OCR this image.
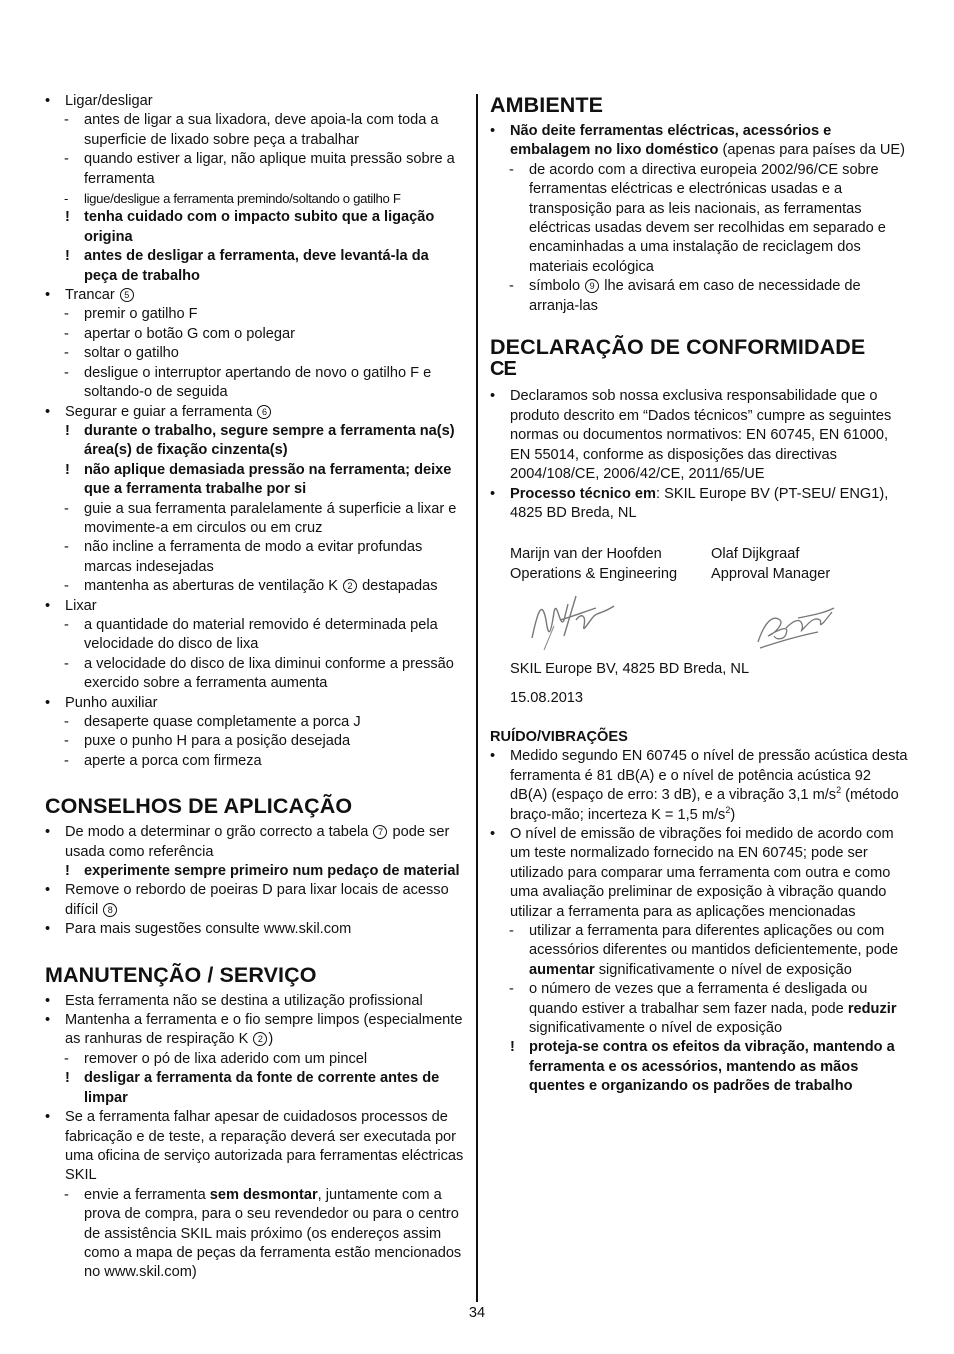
• Ligar/desligar
- antes de ligar a sua lixadora, deve apoia-la com toda a superficie de lixado sobre peça a trabalhar
- quando estiver a ligar, não aplique muita pressão sobre a ferramenta
- ligue/desligue a ferramenta premindo/soltando o gatilho F
! tenha cuidado com o impacto subito que a ligação origina
! antes de desligar a ferramenta, deve levantá-la da peça de trabalho
• Trancar 5
- premir o gatilho F
- apertar o botão G com o polegar
- soltar o gatilho
- desligue o interruptor apertando de novo o gatilho F e soltando-o de seguida
• Segurar e guiar a ferramenta 6
! durante o trabalho, segure sempre a ferramenta na(s) área(s) de fixação cinzenta(s)
! não aplique demasiada pressão na ferramenta; deixe que a ferramenta trabalhe por si
- guie a sua ferramenta paralelamente á superficie a lixar e movimente-a em circulos ou em cruz
- não incline a ferramenta de modo a evitar profundas marcas indesejadas
- mantenha as aberturas de ventilação K 2 destapadas
• Lixar
- a quantidade do material removido é determinada pela velocidade do disco de lixa
- a velocidade do disco de lixa diminui conforme a pressão exercido sobre a ferramenta aumenta
• Punho auxiliar
- desaperte quase completamente a porca J
- puxe o punho H para a posição desejada
- aperte a porca com firmeza
CONSELHOS DE APLICAÇÃO
• De modo a determinar o grão correcto a tabela 7 pode ser usada como referência
! experimente sempre primeiro num pedaço de material
• Remove o rebordo de poeiras D para lixar locais de acesso difícil 8
• Para mais sugestões consulte www.skil.com
MANUTENÇÃO / SERVIÇO
• Esta ferramenta não se destina a utilização profissional
• Mantenha a ferramenta e o fio sempre limpos (especialmente as ranhuras de respiração K 2 )
- remover o pó de lixa aderido com um pincel
! desligar a ferramenta da fonte de corrente antes de limpar
• Se a ferramenta falhar apesar de cuidadosos processos de fabricação e de teste, a reparação deverá ser executada por uma oficina de serviço autorizada para ferramentas eléctricas SKIL
- envie a ferramenta sem desmontar, juntamente com a prova de compra, para o seu revendedor ou para o centro de assistência SKIL mais próximo (os endereços assim como a mapa de peças da ferramenta estão mencionados no www.skil.com)
AMBIENTE
• Não deite ferramentas eléctricas, acessórios e embalagem no lixo doméstico (apenas para países da UE)
- de acordo com a directiva europeia 2002/96/CE sobre ferramentas eléctricas e electrónicas usadas e a transposição para as leis nacionais, as ferramentas eléctricas usadas devem ser recolhidas em separado e encaminhadas a uma instalação de reciclagem dos materiais ecológica
- símbolo 9 lhe avisará em caso de necessidade de arranja-las
DECLARAÇÃO DE CONFORMIDADE
CE
• Declaramos sob nossa exclusiva responsabilidade que o produto descrito em “Dados técnicos” cumpre as seguintes normas ou documentos normativos: EN 60745, EN 61000, EN 55014, conforme as disposições das directivas 2004/108/CE, 2006/42/CE, 2011/65/UE
• Processo técnico em: SKIL Europe BV (PT-SEU/ ENG1), 4825 BD Breda, NL
Marijn van der Hoofden
Operations & Engineering
Olaf Dijkgraaf
Approval Manager
SKIL Europe BV, 4825 BD Breda, NL
15.08.2013
RUÍDO/VIBRAÇÕES
• Medido segundo EN 60745 o nível de pressão acústica desta ferramenta é 81 dB(A) e o nível de potência acústica 92 dB(A) (espaço de erro: 3 dB), e a vibração 3,1 $m/s^2$ (método braço-mão; incerteza K = 1,5 $m/s^2$)
• O nível de emissão de vibrações foi medido de acordo com um teste normalizado fornecido na EN 60745; pode ser utilizado para comparar uma ferramenta com outra e como uma avaliação preliminar de exposição à vibração quando utilizar a ferramenta para as aplicações mencionadas
- utilizar a ferramenta para diferentes aplicações ou com acessórios diferentes ou mantidos deficientemente, pode aumentar significativamente o nível de exposição
- o número de vezes que a ferramenta é desligada ou quando estiver a trabalhar sem fazer nada, pode reduzir significativamente o nível de exposição
! proteja-se contra os efeitos da vibração, mantendo a ferramenta e os acessórios, mantendo as mãos quentes e organizando os padrões de trabalho
34
